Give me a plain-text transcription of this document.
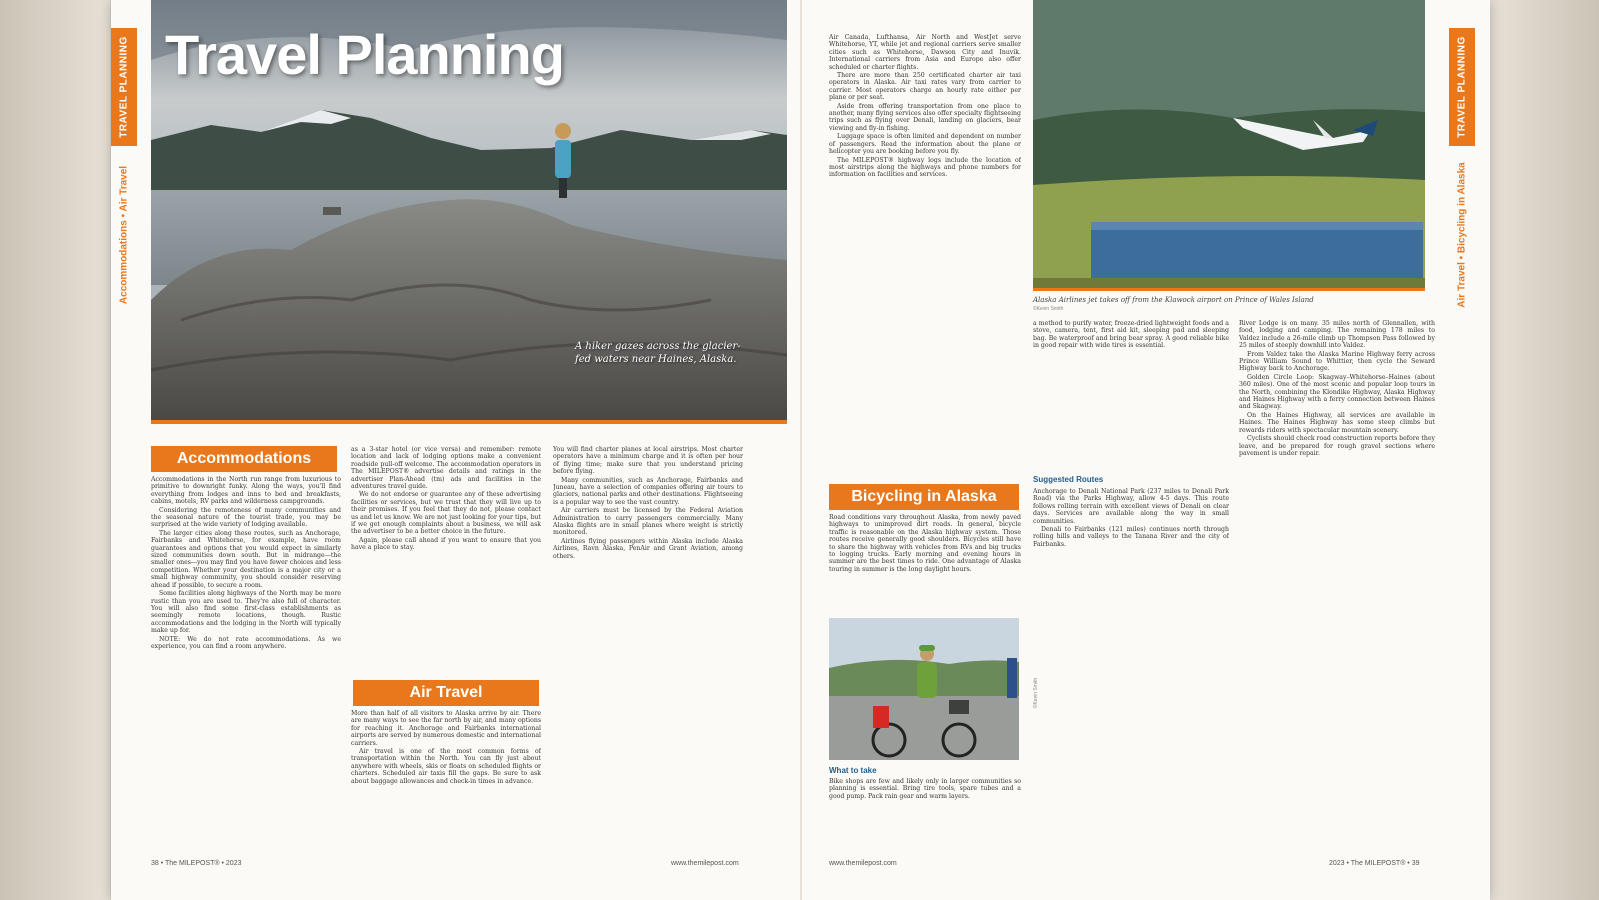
TRAVEL PLANNING
Accommodations • Air Travel
Travel Planning
A hiker gazes across the glacier-fed waters near Haines, Alaska.
Accommodations

Accommodations in the North run range from luxurious to primitive to downright funky. Along the ways, you'll find everything from lodges and inns to bed and breakfasts, cabins, motels, RV parks and wilderness campgrounds.

Considering the remoteness of many communities and the seasonal nature of the tourist trade, you may be surprised at the wide variety of lodging available.

The larger cities along these routes, such as Anchorage, Fairbanks and Whitehorse, for example, have room guarantees and options that you would expect in similarly sized communities down south. But in midrange—the smaller ones—you may find you have fewer choices and less competition. Whether your destination is a major city or a small highway community, you should consider reserving ahead if possible, to secure a room.

Some facilities along highways of the North may be more rustic than you are used to. They're also full of character. You will also find some first-class establishments as seemingly remote locations, though. Rustic accommodations and the lodging in the North will typically make up for.

NOTE: We do not rate accommodations. As we experience, you can find a room anywhere.

as a 3-star hotel (or vice versa) and remember: remote location and lack of lodging options make a convenient roadside pull-off welcome. The accommodation operators in The MILEPOST® advertise details and ratings in the advertiser Plan-Ahead (tm) ads and facilities in the adventures travel guide.

We do not endorse or guarantee any of these advertising facilities or services, but we trust that they will live up to their promises. If you feel that they do not, please contact us and let us know. We are not just looking for your tips, but if we get enough complaints about a business, we will ask the advertiser to be a better choice in the future.

Again, please call ahead if you want to ensure that you have a place to stay.

Air Travel

More than half of all visitors to Alaska arrive by air. There are many ways to see the far north by air, and many options for reaching it. Anchorage and Fairbanks international airports are served by numerous domestic and international carriers.

Air travel is one of the most common forms of transportation within the North. You can fly just about anywhere with wheels, skis or floats on scheduled flights or charters. Scheduled air taxis fill the gaps. Be sure to ask about baggage allowances and check-in times in advance.

You will find charter planes at local airstrips. Most charter operators have a minimum charge and it is often per hour of flying time; make sure that you understand pricing before flying.

Many communities, such as Anchorage, Fairbanks and Juneau, have a selection of companies offering air tours to glaciers, national parks and other destinations. Flightseeing is a popular way to see the vast country.

Air carriers must be licensed by the Federal Aviation Administration to carry passengers commercially. Many Alaska flights are in small planes where weight is strictly monitored.

Airlines flying passengers within Alaska include Alaska Airlines, Ravn Alaska, PenAir and Grant Aviation, among others.

38 • The MILEPOST® • 2023	www.themilepost.com

Air Canada, Lufthansa, Air North and WestJet serve Whitehorse, YT, while jet and regional carriers serve smaller cities such as Whitehorse, Dawson City and Inuvik. International carriers from Asia and Europe also offer scheduled or charter flights.

There are more than 250 certificated charter air taxi operators in Alaska. Air taxi rates vary from carrier to carrier. Most operators charge an hourly rate either per plane or per seat.

Aside from offering transportation from one place to another, many flying services also offer specialty flightseeing trips such as flying over Denali, landing on glaciers, bear viewing and fly-in fishing.

Luggage space is often limited and dependent on number of passengers. Read the information about the plane or helicopter you are booking before you fly.

The MILEPOST® highway logs include the location of most airstrips along the highways and phone numbers for information on facilities and services.

Alaska Airlines jet takes off from the Klawock airport on Prince of Wales Island
©Kevin Smith

a method to purify water, freeze-dried lightweight foods and a stove, camera, tent, first aid kit, sleeping pad and sleeping bag. Be waterproof and bring bear spray. A good reliable bike in good repair with wide tires is essential.

Suggested Routes

Anchorage to Denali National Park (237 miles to Denali Park Road) via the Parks Highway, allow 4-5 days. This route follows rolling terrain with excellent views of Denali on clear days. Services are available along the way in small communities.

Denali to Fairbanks (121 miles) continues north through rolling hills and valleys to the Tanana River and the city of Fairbanks.

River Lodge is on many. 35 miles north of Glennallen, with food, lodging and camping. The remaining 178 miles to Valdez include a 26-mile climb up Thompson Pass followed by 25 miles of steeply downhill into Valdez.

From Valdez take the Alaska Marine Highway ferry across Prince William Sound to Whittier, then cycle the Seward Highway back to Anchorage.

Golden Circle Loop: Skagway–Whitehorse–Haines (about 360 miles). One of the most scenic and popular loop tours in the North, combining the Klondike Highway, Alaska Highway and Haines Highway with a ferry connection between Haines and Skagway.

On the Haines Highway, all services are available in Haines. The Haines Highway has some steep climbs but rewards riders with spectacular mountain scenery.

Cyclists should check road construction reports before they leave, and be prepared for rough gravel sections where pavement is under repair.

Bicycling in Alaska

Road conditions vary throughout Alaska, from newly paved highways to unimproved dirt roads. In general, bicycle traffic is reasonable on the Alaska highway system. Those routes receive generally good shoulders. Bicycles still have to share the highway with vehicles from RVs and big trucks to logging trucks. Early morning and evening hours in summer are the best times to ride. One advantage of Alaska touring in summer is the long daylight hours.

©Kevin Smith
What to take

Bike shops are few and likely only in larger communities so planning is essential. Bring tire tools, spare tubes and a good pump. Pack rain gear and warm layers.

www.themilepost.com	2023 • The MILEPOST® • 39
TRAVEL PLANNING
Air Travel • Bicycling in Alaska
